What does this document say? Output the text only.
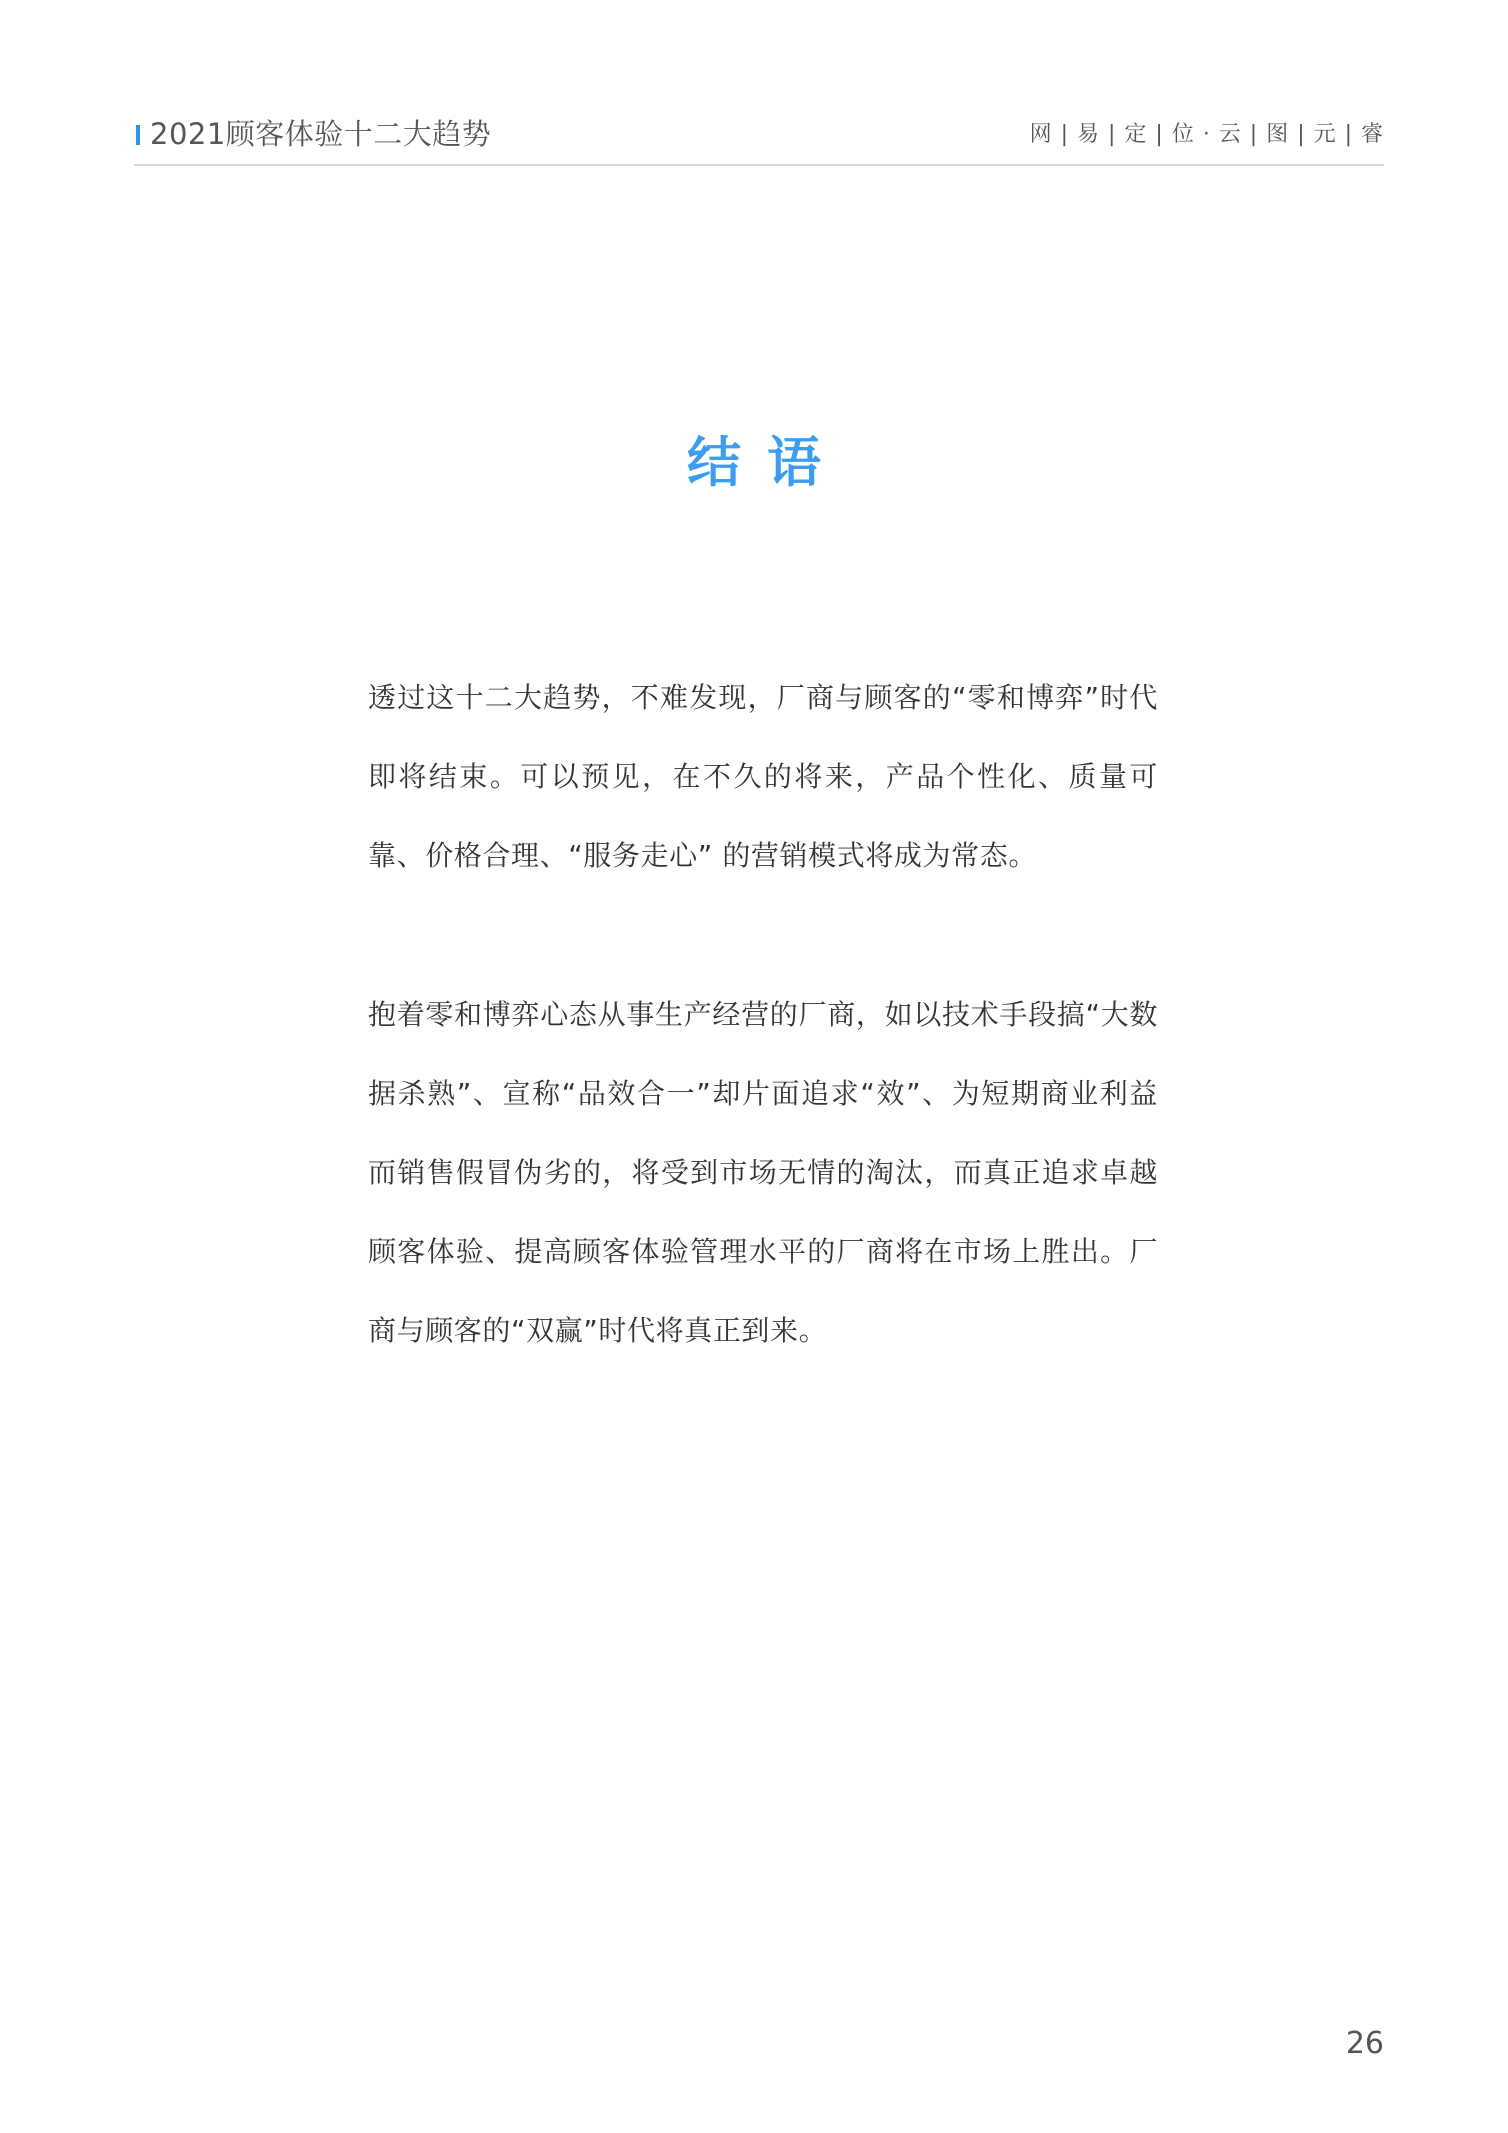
2021顾客体验十二大趋势	网 | 易 | 定 | 位 · 云 | 图 | 元 | 睿
结语

透过这十二大趋势，不难发现，厂商与顾客的“零和博弈”时代即将结束。可以预见，在不久的将来，产品个性化、质量可靠、价格合理、“服务走心” 的营销模式将成为常态。

抱着零和博弈心态从事生产经营的厂商，如以技术手段搞“大数据杀熟”、宣称“品效合一”却片面追求“效”、为短期商业利益而销售假冒伪劣的，将受到市场无情的淘汰，而真正追求卓越顾客体验、提高顾客体验管理水平的厂商将在市场上胜出。厂商与顾客的“双赢”时代将真正到来。

26
